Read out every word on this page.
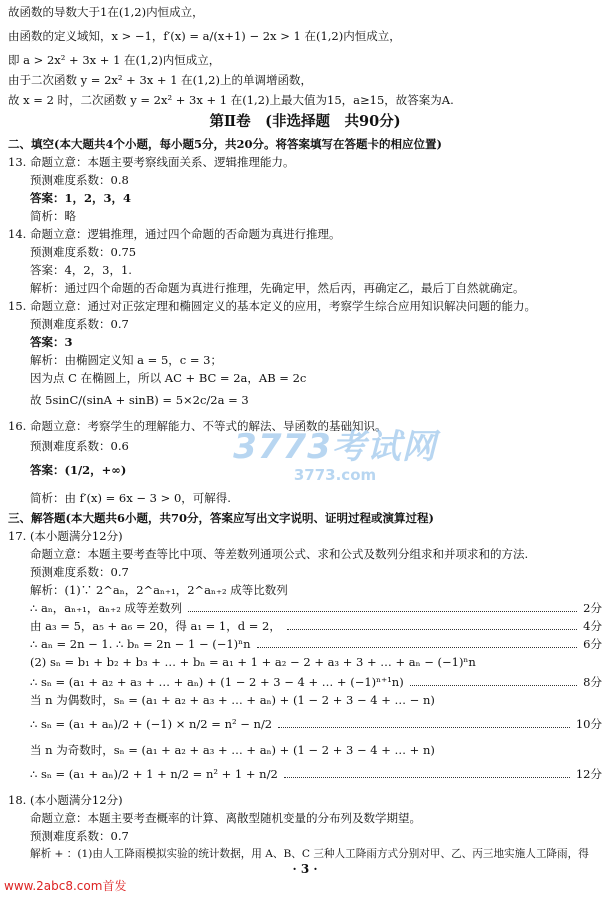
故函数的导数大于1在(1,2)内恒成立，
由函数的定义域知，x > −1，f′(x) = a/(x+1) − 2x > 1 在(1,2)内恒成立，
即 a > 2x² + 3x + 1 在(1,2)内恒成立，
由于二次函数 y = 2x² + 3x + 1 在(1,2)上的单调增函数，
故 x = 2 时，二次函数 y = 2x² + 3x + 1 在(1,2)上最大值为15，a≥15，故答案为A.
第Ⅱ卷　(非选择题　共90分)
二、填空(本大题共4个小题，每小题5分，共20分。将答案填写在答题卡的相应位置)
13. 命题立意：本题主要考察线面关系、逻辑推理能力。
预测难度系数：0.8
答案：1，2，3，4
简析：略
14. 命题立意：逻辑推理，通过四个命题的否命题为真进行推理。
预测难度系数：0.75
答案：4，2，3，1.
解析：通过四个命题的否命题为真进行推理，先确定甲，然后丙，再确定乙，最后丁自然就确定。
15. 命题立意：通过对正弦定理和椭圆定义的基本定义的应用，考察学生综合应用知识解决问题的能力。
预测难度系数：0.7
答案：3
解析：由椭圆定义知 a = 5，c = 3；
因为点 C 在椭圆上，所以 AC + BC = 2a，AB = 2c
故 5sinC/(sinA + sinB) = 5×2c/2a = 3
16. 命题立意：考察学生的理解能力、不等式的解法、导函数的基础知识。
预测难度系数：0.6
答案：(1/2，+∞)
简析：由 f′(x) = 6x − 3 > 0，可解得.
三、解答题(本大题共6小题，共70分，答案应写出文字说明、证明过程或演算过程)
17. (本小题满分12分)
命题立意：本题主要考查等比中项、等差数列通项公式、求和公式及数列分组求和并项求和的方法.
预测难度系数：0.7
解析：(1)∵ 2^aₙ，2^aₙ₊₁，2^aₙ₊₂ 成等比数列
∴ aₙ，aₙ₊₁，aₙ₊₂ 成等差数列	2分
由 a₃ = 5，a₅ + a₆ = 20，得 a₁ = 1，d = 2，	4分
∴ aₙ = 2n − 1. ∴ bₙ = 2n − 1 − (−1)ⁿn	6分
(2) sₙ = b₁ + b₂ + b₃ + … + bₙ = a₁ + 1 + a₂ − 2 + a₃ + 3 + … + aₙ − (−1)ⁿn
∴ sₙ = (a₁ + a₂ + a₃ + … + aₙ) + (1 − 2 + 3 − 4 + … + (−1)ⁿ⁺¹n)	8分
当 n 为偶数时，sₙ = (a₁ + a₂ + a₃ + … + aₙ) + (1 − 2 + 3 − 4 + … − n)
∴ sₙ = (a₁ + aₙ)/2 + (−1) × n/2 = n² − n/2	10分
当 n 为奇数时，sₙ = (a₁ + a₂ + a₃ + … + aₙ) + (1 − 2 + 3 − 4 + … + n)
∴ sₙ = (a₁ + aₙ)/2 + 1 + n/2 = n² + 1 + n/2	12分
18. (本小题满分12分)
命题立意：本题主要考查概率的计算、离散型随机变量的分布列及数学期望。
预测难度系数：0.7
解析 + ：(1)由人工降雨模拟实验的统计数据，用 A、B、C 三种人工降雨方式分别对甲、乙、丙三地实施人工降雨，得
3773考试网
3773.com
· 3 ·
www.2abc8.com首发
